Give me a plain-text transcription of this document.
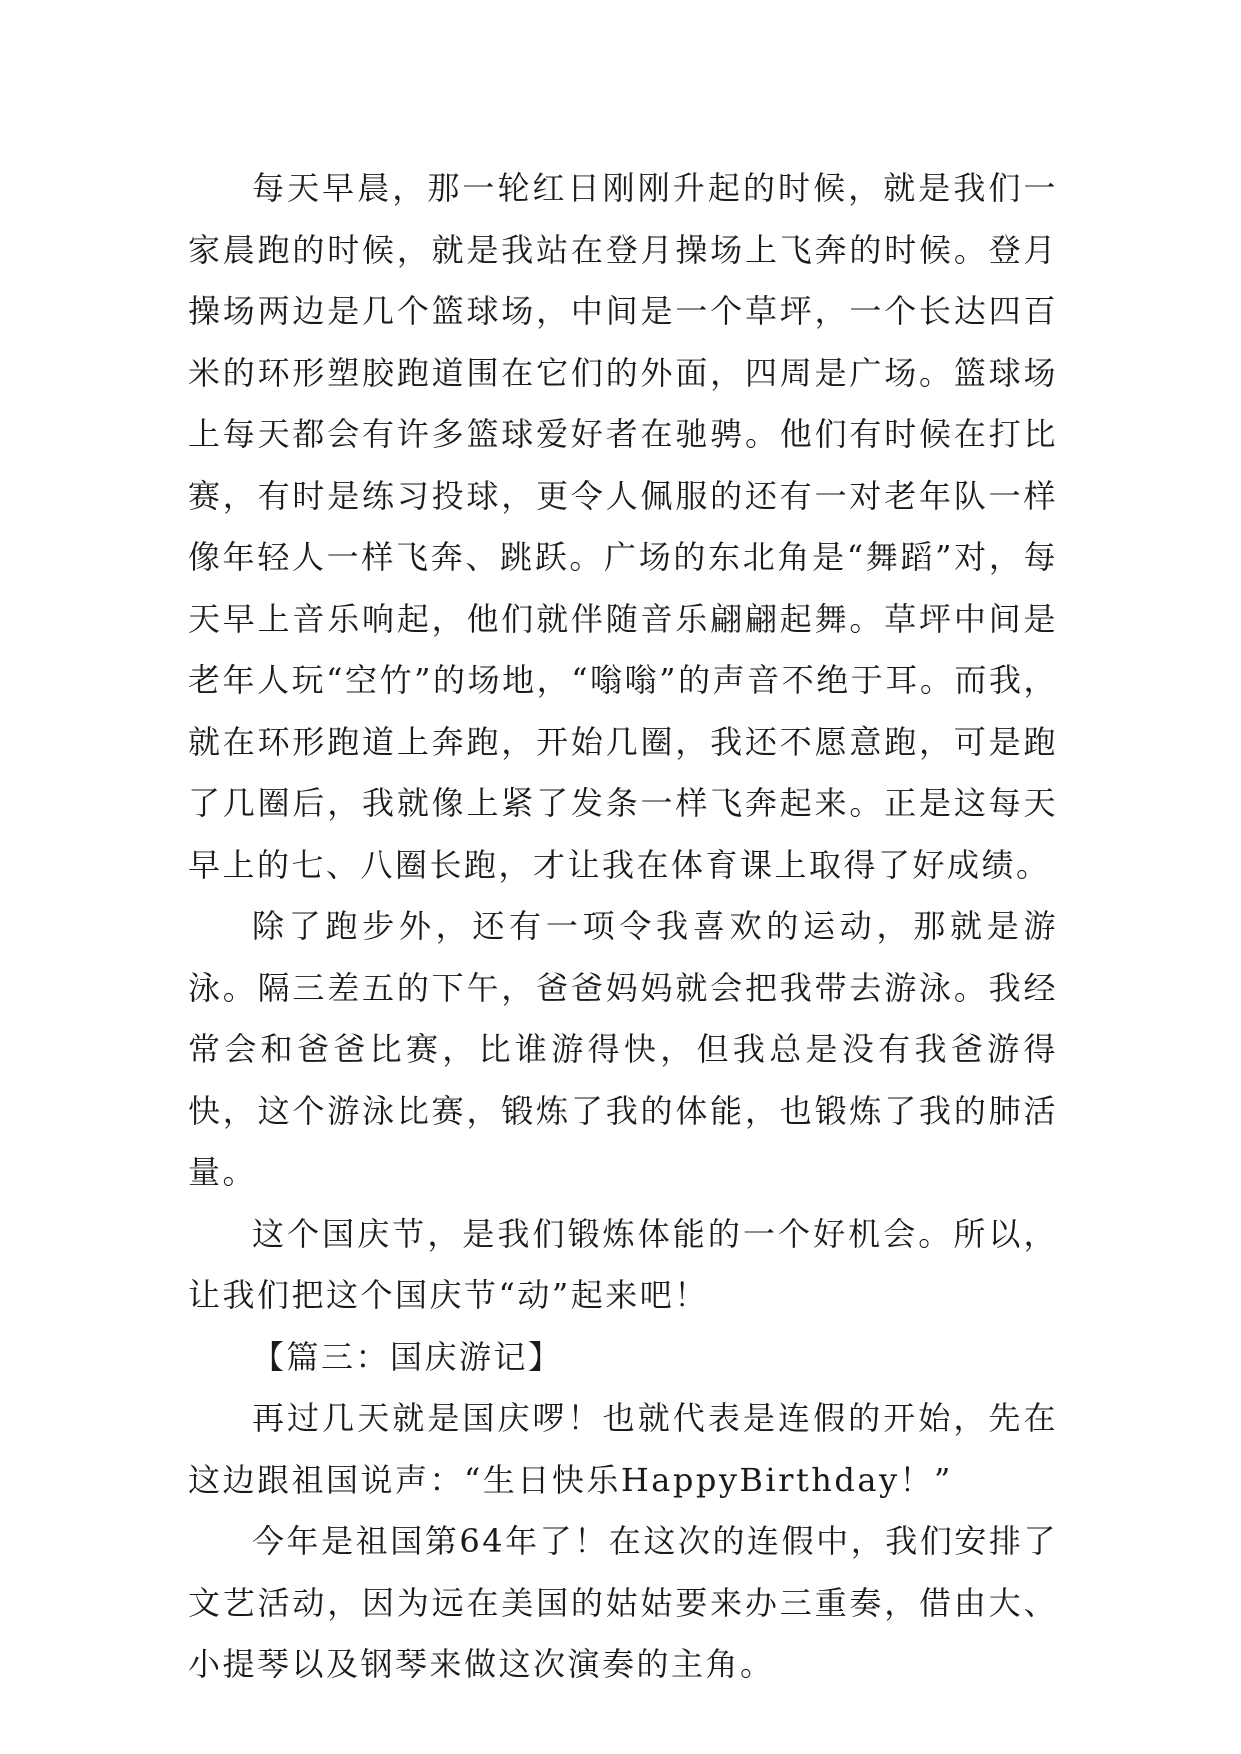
每天早晨，那一轮红日刚刚升起的时候，就是我们一家晨跑的时候，就是我站在登月操场上飞奔的时候。登月操场两边是几个篮球场，中间是一个草坪，一个长达四百米的环形塑胶跑道围在它们的外面，四周是广场。篮球场上每天都会有许多篮球爱好者在驰骋。他们有时候在打比赛，有时是练习投球，更令人佩服的还有一对老年队一样像年轻人一样飞奔、跳跃。广场的东北角是“舞蹈”对，每天早上音乐响起，他们就伴随音乐翩翩起舞。草坪中间是老年人玩“空竹”的场地，“嗡嗡”的声音不绝于耳。而我，就在环形跑道上奔跑，开始几圈，我还不愿意跑，可是跑了几圈后，我就像上紧了发条一样飞奔起来。正是这每天早上的七、八圈长跑，才让我在体育课上取得了好成绩。

除了跑步外，还有一项令我喜欢的运动，那就是游泳。隔三差五的下午，爸爸妈妈就会把我带去游泳。我经常会和爸爸比赛，比谁游得快，但我总是没有我爸游得快，这个游泳比赛，锻炼了我的体能，也锻炼了我的肺活量。

这个国庆节，是我们锻炼体能的一个好机会。所以，让我们把这个国庆节“动”起来吧！

【篇三：国庆游记】

再过几天就是国庆啰！也就代表是连假的开始，先在这边跟祖国说声：“生日快乐HappyBirthday！”

今年是祖国第64年了！在这次的连假中，我们安排了文艺活动，因为远在美国的姑姑要来办三重奏，借由大、小提琴以及钢琴来做这次演奏的主角。
